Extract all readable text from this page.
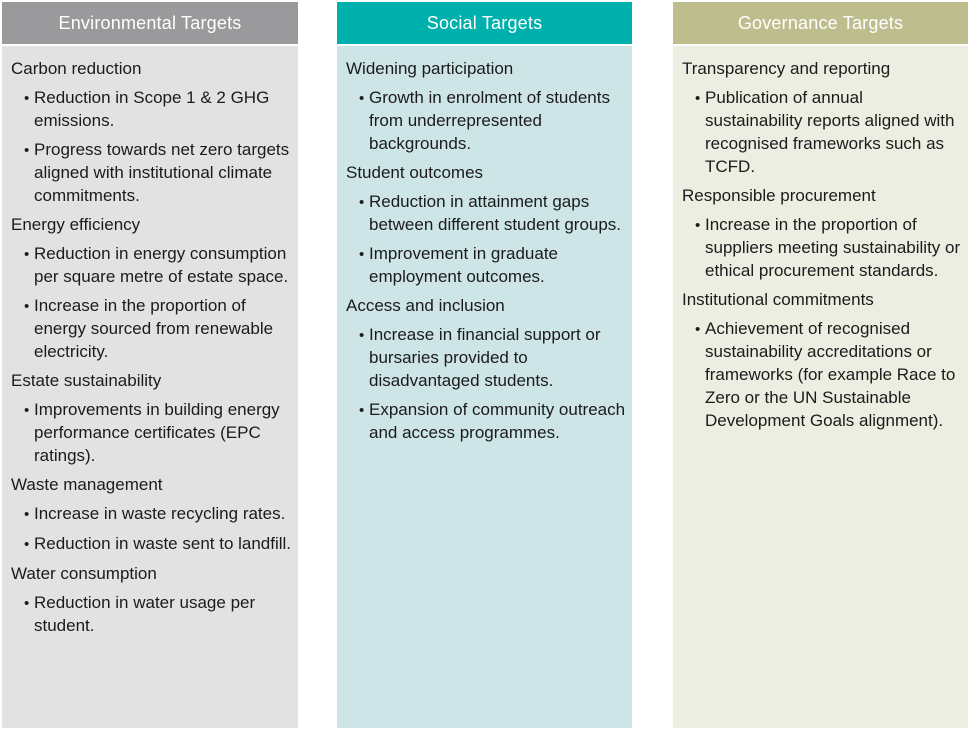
Environmental Targets
Carbon reduction
•
Reduction in Scope 1 & 2 GHG emissions.
•
Progress towards net zero targets aligned with institutional climate commitments.
Energy efficiency
•
Reduction in energy consumption per square metre of estate space.
•
Increase in the proportion of energy sourced from renewable electricity.
Estate sustainability
•
Improvements in building energy performance certificates (EPC ratings).
Waste management
•
Increase in waste recycling rates.
•
Reduction in waste sent to landfill.
Water consumption
•
Reduction in water usage per student.
Social Targets
Widening participation
•
Growth in enrolment of students from underrepresented backgrounds.
Student outcomes
•
Reduction in attainment gaps between different student groups.
•
Improvement in graduate employment outcomes.
Access and inclusion
•
Increase in financial support or bursaries provided to disadvantaged students.
•
Expansion of community outreach and access programmes.
Governance Targets
Transparency and reporting
•
Publication of annual sustainability reports aligned with recognised frameworks such as TCFD.
Responsible procurement
•
Increase in the proportion of suppliers meeting sustainability or ethical procurement standards.
Institutional commitments
•
Achievement of recognised sustainability accreditations or frameworks (for example Race to Zero or the UN Sustainable Development Goals alignment).
